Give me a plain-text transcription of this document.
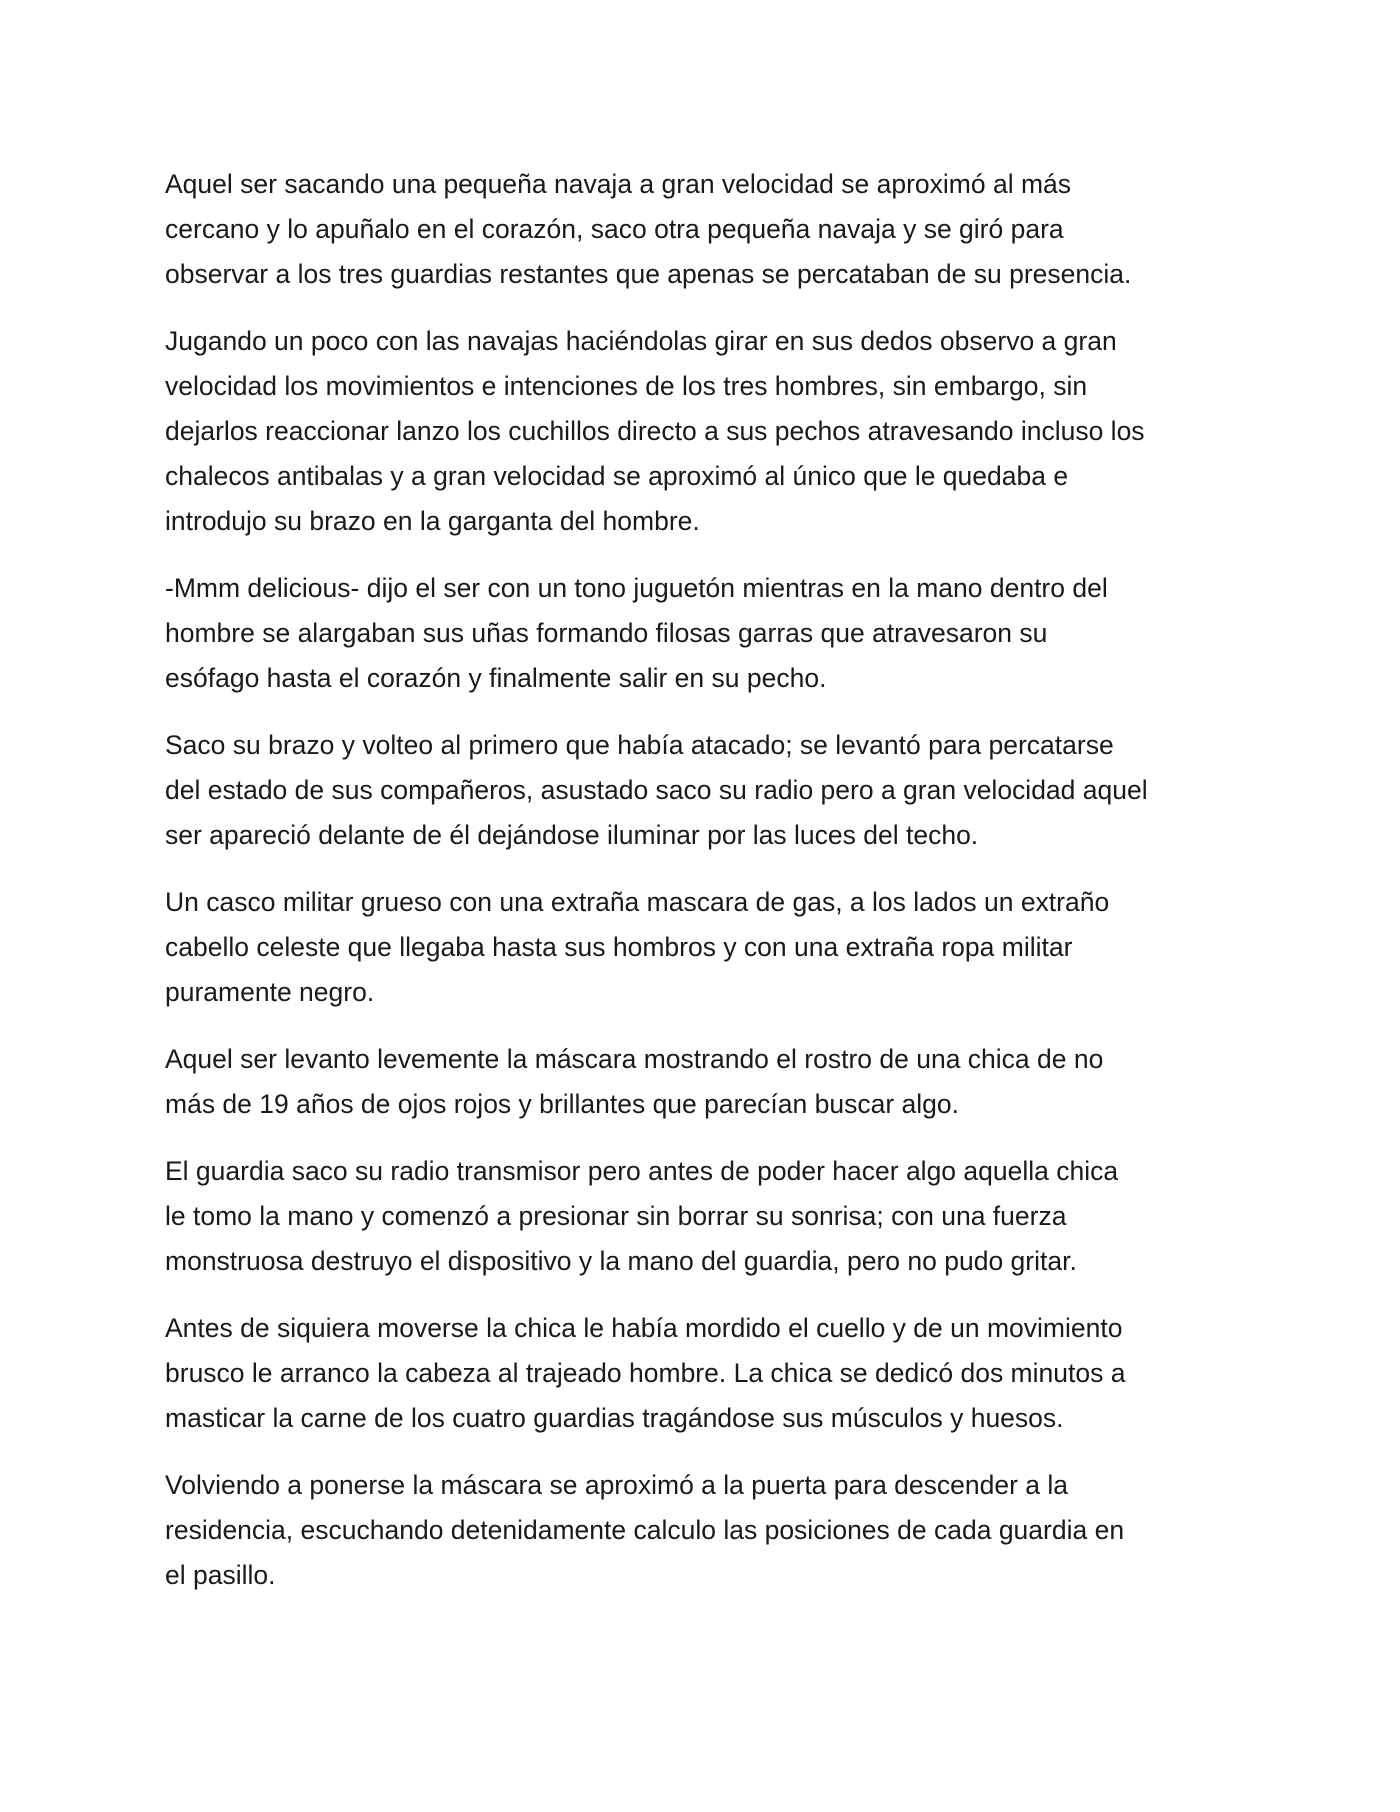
Aquel ser sacando una pequeña navaja a gran velocidad se aproximó al más
cercano y lo apuñalo en el corazón, saco otra pequeña navaja y se giró para
observar a los tres guardias restantes que apenas se percataban de su presencia.

Jugando un poco con las navajas haciéndolas girar en sus dedos observo a gran
velocidad los movimientos e intenciones de los tres hombres, sin embargo, sin
dejarlos reaccionar lanzo los cuchillos directo a sus pechos atravesando incluso los
chalecos antibalas y a gran velocidad se aproximó al único que le quedaba e
introdujo su brazo en la garganta del hombre.

-Mmm delicious- dijo el ser con un tono juguetón mientras en la mano dentro del
hombre se alargaban sus uñas formando filosas garras que atravesaron su
esófago hasta el corazón y finalmente salir en su pecho.

Saco su brazo y volteo al primero que había atacado; se levantó para percatarse
del estado de sus compañeros, asustado saco su radio pero a gran velocidad aquel
ser apareció delante de él dejándose iluminar por las luces del techo.

Un casco militar grueso con una extraña mascara de gas, a los lados un extraño
cabello celeste que llegaba hasta sus hombros y con una extraña ropa militar
puramente negro.

Aquel ser levanto levemente la máscara mostrando el rostro de una chica de no
más de 19 años de ojos rojos y brillantes que parecían buscar algo.

El guardia saco su radio transmisor pero antes de poder hacer algo aquella chica
le tomo la mano y comenzó a presionar sin borrar su sonrisa; con una fuerza
monstruosa destruyo el dispositivo y la mano del guardia, pero no pudo gritar.

Antes de siquiera moverse la chica le había mordido el cuello y de un movimiento
brusco le arranco la cabeza al trajeado hombre. La chica se dedicó dos minutos a
masticar la carne de los cuatro guardias tragándose sus músculos y huesos.

Volviendo a ponerse la máscara se aproximó a la puerta para descender a la
residencia, escuchando detenidamente calculo las posiciones de cada guardia en
el pasillo.
